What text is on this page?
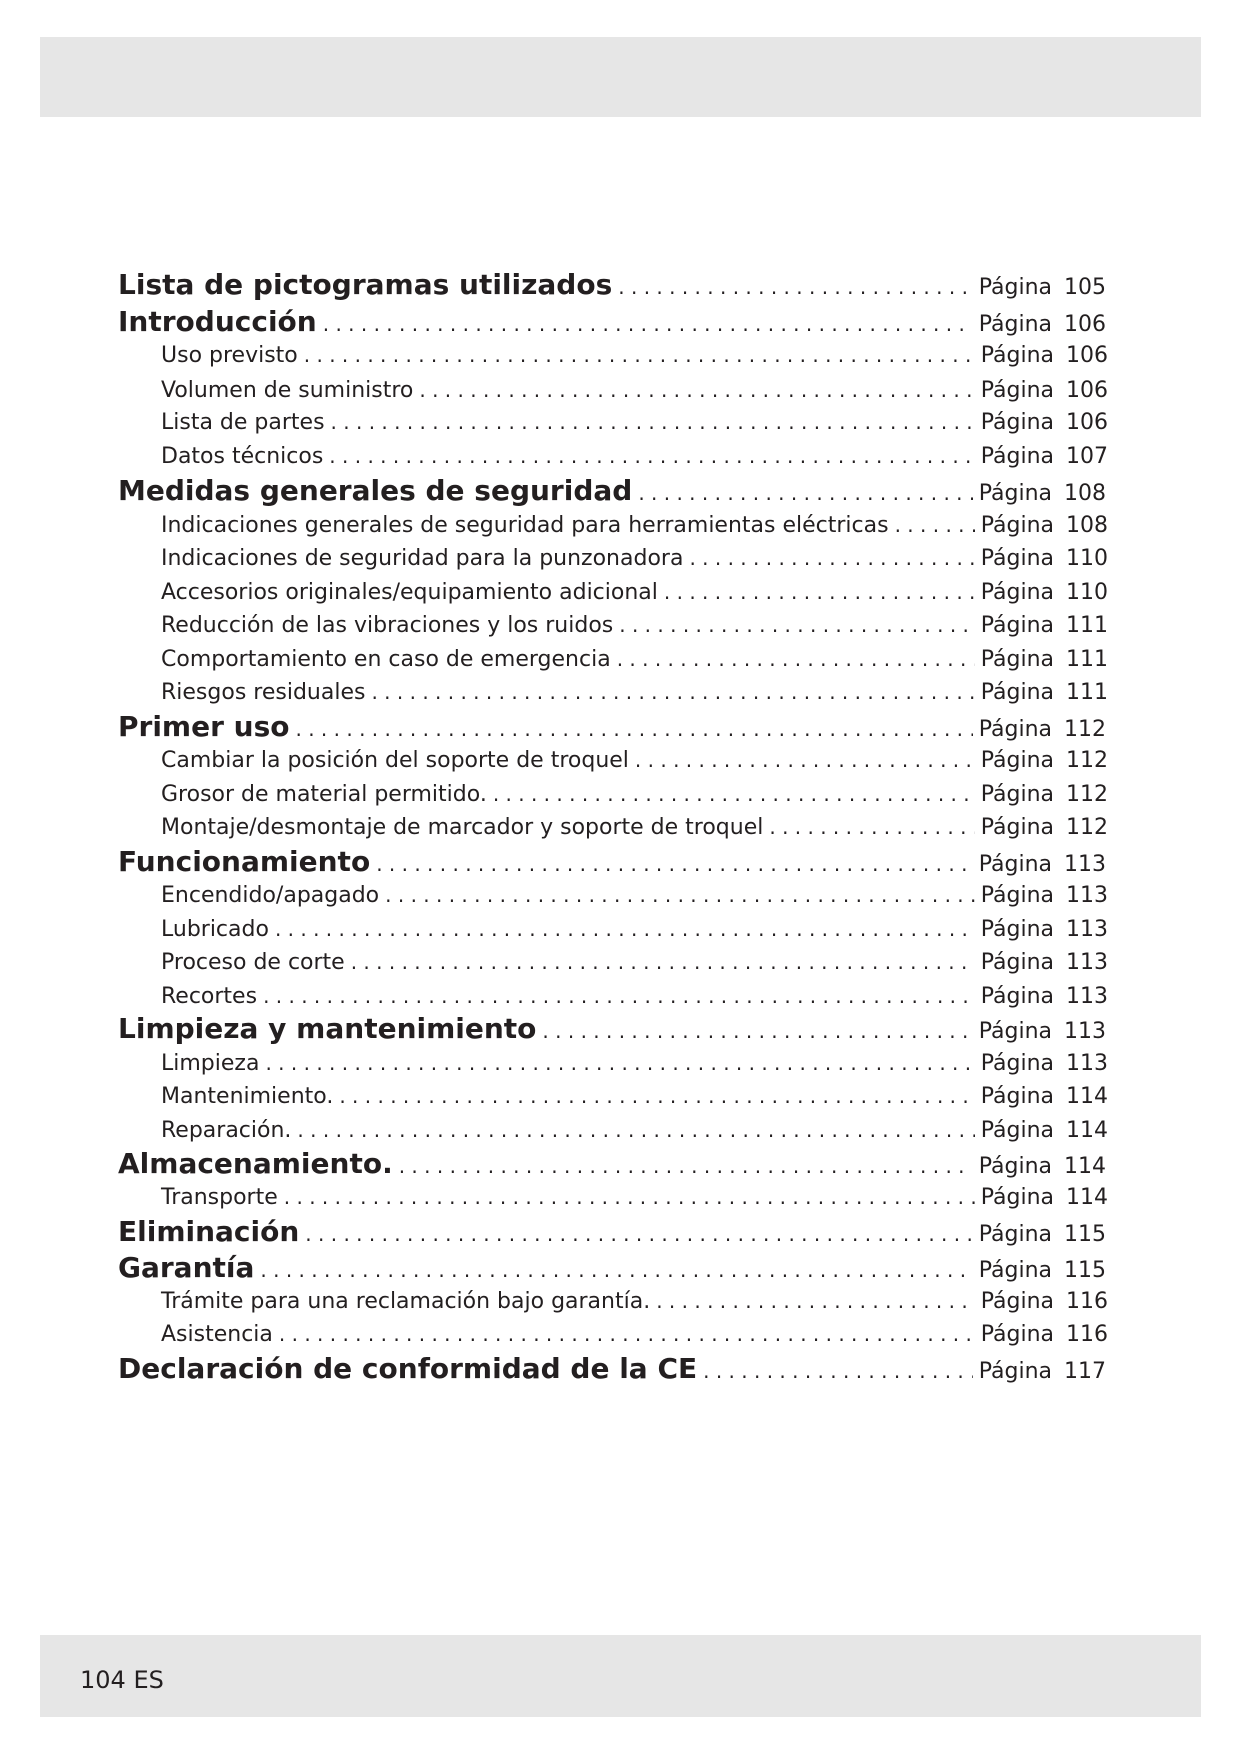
Lista de pictogramas utilizados . . .	Página 105
Introducción . . .	Página 106
Uso previsto . . .	Página 106
Volumen de suministro . . .	Página 106
Lista de partes . . .	Página 106
Datos técnicos . . .	Página 107
Medidas generales de seguridad . . .	Página 108
Indicaciones generales de seguridad para herramientas eléctricas . . .	Página 108
Indicaciones de seguridad para la punzonadora . . .	Página 110
Accesorios originales/equipamiento adicional . . .	Página 110
Reducción de las vibraciones y los ruidos . . .	Página 111
Comportamiento en caso de emergencia . . .	Página 111
Riesgos residuales . . .	Página 111
Primer uso . . .	Página 112
Cambiar la posición del soporte de troquel . . .	Página 112
Grosor de material permitido. . . .	Página 112
Montaje/desmontaje de marcador y soporte de troquel . . .	Página 112
Funcionamiento . . .	Página 113
Encendido/apagado . . .	Página 113
Lubricado . . .	Página 113
Proceso de corte . . .	Página 113
Recortes . . .	Página 113
Limpieza y mantenimiento . . .	Página 113
Limpieza . . .	Página 113
Mantenimiento. . . .	Página 114
Reparación. . . .	Página 114
Almacenamiento. . . .	Página 114
Transporte . . .	Página 114
Eliminación . . .	Página 115
Garantía . . .	Página 115
Trámite para una reclamación bajo garantía. . . .	Página 116
Asistencia . . .	Página 116
Declaración de conformidad de la CE . . .	Página 117
104 ES
